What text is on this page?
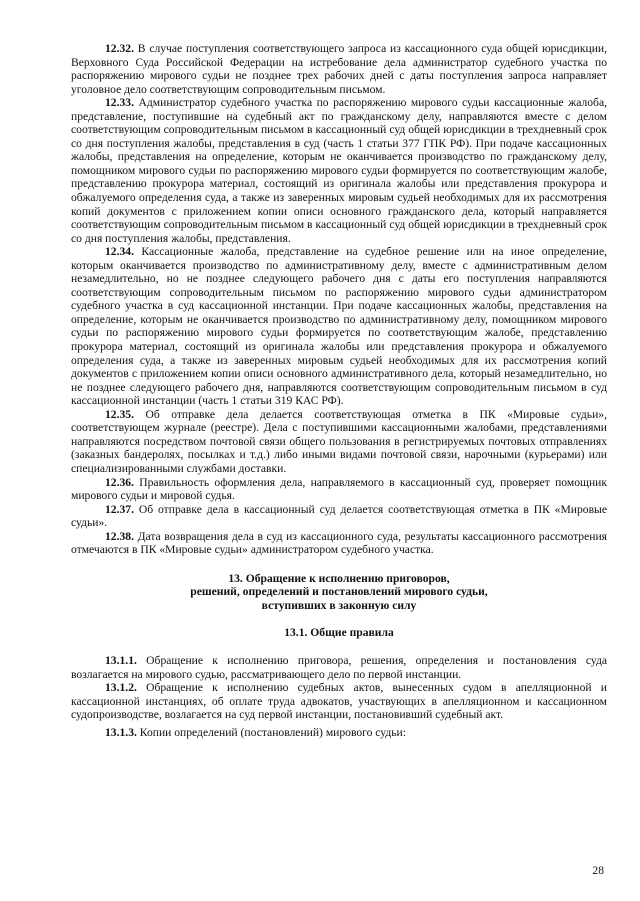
12.32. В случае поступления соответствующего запроса из кассационного суда общей юрисдикции, Верховного Суда Российской Федерации на истребование дела администратор судебного участка по распоряжению мирового судьи не позднее трех рабочих дней с даты поступления запроса направляет уголовное дело соответствующим сопроводительным письмом.

12.33. Администратор судебного участка по распоряжению мирового судьи кассационные жалоба, представление, поступившие на судебный акт по гражданскому делу, направляются вместе с делом соответствующим сопроводительным письмом в кассационный суд общей юрисдикции в трехдневный срок со дня поступления жалобы, представления в суд (часть 1 статьи 377 ГПК РФ). При подаче кассационных жалобы, представления на определение, которым не оканчивается производство по гражданскому делу, помощником мирового судьи по распоряжению мирового судьи формируется по соответствующим жалобе, представлению прокурора материал, состоящий из оригинала жалобы или представления прокурора и обжалуемого определения суда, а также из заверенных мировым судьей необходимых для их рассмотрения копий документов с приложением копии описи основного гражданского дела, который направляется соответствующим сопроводительным письмом в кассационный суд общей юрисдикции в трехдневный срок со дня поступления жалобы, представления.

12.34. Кассационные жалоба, представление на судебное решение или на иное определение, которым оканчивается производство по административному делу, вместе с административным делом незамедлительно, но не позднее следующего рабочего дня с даты его поступления направляются соответствующим сопроводительным письмом по распоряжению мирового судьи администратором судебного участка в суд кассационной инстанции. При подаче кассационных жалобы, представления на определение, которым не оканчивается производство по административному делу, помощником мирового судьи по распоряжению мирового судьи формируется по соответствующим жалобе, представлению прокурора материал, состоящий из оригинала жалобы или представления прокурора и обжалуемого определения суда, а также из заверенных мировым судьей необходимых для их рассмотрения копий документов с приложением копии описи основного административного дела, который незамедлительно, но не позднее следующего рабочего дня, направляются соответствующим сопроводительным письмом в суд кассационной инстанции (часть 1 статьи 319 КАС РФ).

12.35. Об отправке дела делается соответствующая отметка в ПК «Мировые судьи», соответствующем журнале (реестре). Дела с поступившими кассационными жалобами, представлениями направляются посредством почтовой связи общего пользования в регистрируемых почтовых отправлениях (заказных бандеролях, посылках и т.д.) либо иными видами почтовой связи, нарочными (курьерами) или специализированными службами доставки.

12.36. Правильность оформления дела, направляемого в кассационный суд, проверяет помощник мирового судьи и мировой судья.

12.37. Об отправке дела в кассационный суд делается соответствующая отметка в ПК «Мировые судьи».

12.38. Дата возвращения дела в суд из кассационного суда, результаты кассационного рассмотрения отмечаются в ПК «Мировые судьи» администратором судебного участка.

13. Обращение к исполнению приговоров,
решений, определений и постановлений мирового судьи,
вступивших в законную силу
13.1. Общие правила

13.1.1. Обращение к исполнению приговора, решения, определения и постановления суда возлагается на мирового судью, рассматривающего дело по первой инстанции.

13.1.2. Обращение к исполнению судебных актов, вынесенных судом в апелляционной и кассационной инстанциях, об оплате труда адвокатов, участвующих в апелляционном и кассационном судопроизводстве, возлагается на суд первой инстанции, постановивший судебный акт.

13.1.3. Копии определений (постановлений) мирового судьи:

28
